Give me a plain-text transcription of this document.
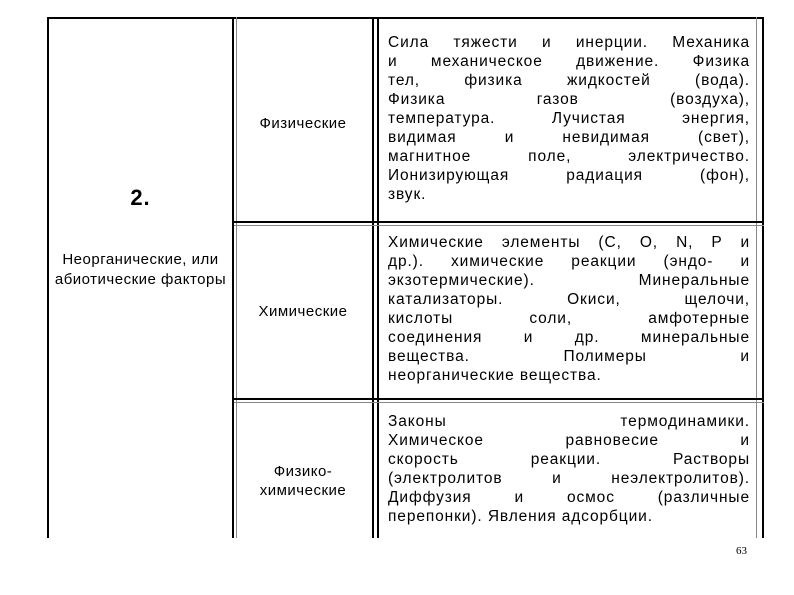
2.
Неорганические, или абиотические факторы
Физические
Сила тяжести и инерции. Механика
и механическое движение. Физика
тел, физика жидкостей (вода).
Физика газов (воздуха),
температура. Лучистая энергия,
видимая и невидимая (свет),
магнитное поле, электричество.
Ионизирующая радиация (фон),
звук.
Химические
Химические элементы (C, O, N, P и
др.). химические реакции (эндо- и
экзотермические). Минеральные
катализаторы. Окиси, щелочи,
кислоты соли, амфотерные
соединения и др. минеральные
вещества. Полимеры и
неорганические вещества.
Физико-химические
Законы термодинамики.
Химическое равновесие и
скорость реакции. Растворы
(электролитов и неэлектролитов).
Диффузия и осмос (различные
перепонки). Явления адсорбции.
63
